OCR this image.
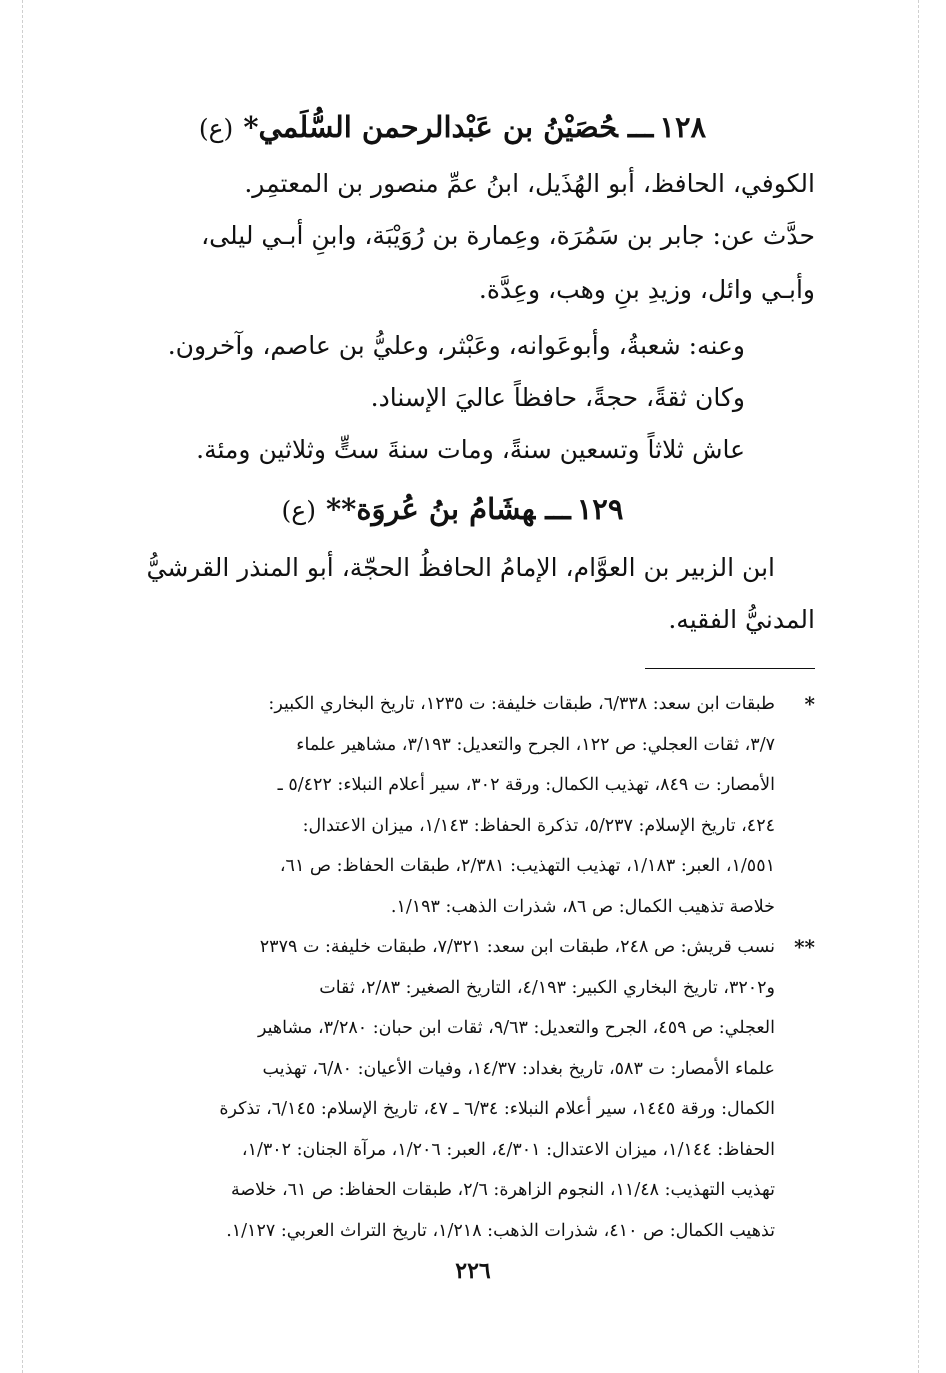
١٢٨ـــحُصَيْنُ بن عَبْدالرحمن السُّلَمي*(ع)

الكوفي، الحافظ، أبو الهُذَيل، ابنُ عمِّ منصور بن المعتمِر.

حدَّث عن: جابر بن سَمُرَة، وعِمارة بن رُوَيْبَة، وابنِ أبـي ليلى،

وأبـي وائل، وزيدِ بنِ وهب، وعِدَّة.

وعنه: شعبةُ، وأبوعَوانه، وعَبْثر، وعليُّ بن عاصم، وآخرون.

وكان ثقةً، حجةً، حافظاً عاليَ الإسناد.

عاش ثلاثاً وتسعين سنةً، ومات سنةَ ستٍّ وثلاثين ومئة.

١٢٩ـــهشَامُ بنُ عُروَة**(ع)

ابن الزبير بن العوَّام، الإمامُ الحافظُ الحجّة، أبو المنذر القرشيُّ

المدنيُّ الفقيه.

*
طبقات ابن سعد: ٦/٣٣٨، طبقات خليفة: ت ١٢٣٥، تاريخ البخاري الكبير:
٣/٧، ثقات العجلي: ص ١٢٢، الجرح والتعديل: ٣/١٩٣، مشاهير علماء
الأمصار: ت ٨٤٩، تهذيب الكمال: ورقة ٣٠٢، سير أعلام النبلاء: ٥/٤٢٢ ـ
٤٢٤، تاريخ الإسلام: ٥/٢٣٧، تذكرة الحفاظ: ١/١٤٣، ميزان الاعتدال:
١/٥٥١، العبر: ١/١٨٣، تهذيب التهذيب: ٢/٣٨١، طبقات الحفاظ: ص ٦١،
خلاصة تذهيب الكمال: ص ٨٦، شذرات الذهب: ١/١٩٣.
**
نسب قريش: ص ٢٤٨، طبقات ابن سعد: ٧/٣٢١، طبقات خليفة: ت ٢٣٧٩
و٣٢٠٢، تاريخ البخاري الكبير: ٤/١٩٣، التاريخ الصغير: ٢/٨٣، ثقات
العجلي: ص ٤٥٩، الجرح والتعديل: ٩/٦٣، ثقات ابن حبان: ٣/٢٨٠، مشاهير
علماء الأمصار: ت ٥٨٣، تاريخ بغداد: ١٤/٣٧، وفيات الأعيان: ٦/٨٠، تهذيب
الكمال: ورقة ١٤٤٥، سير أعلام النبلاء: ٦/٣٤ ـ ٤٧، تاريخ الإسلام: ٦/١٤٥، تذكرة
الحفاظ: ١/١٤٤، ميزان الاعتدال: ٤/٣٠١، العبر: ١/٢٠٦، مرآة الجنان: ١/٣٠٢،
تهذيب التهذيب: ١١/٤٨، النجوم الزاهرة: ٢/٦، طبقات الحفاظ: ص ٦١، خلاصة
تذهيب الكمال: ص ٤١٠، شذرات الذهب: ١/٢١٨، تاريخ التراث العربي: ١/١٢٧.
٢٢٦
